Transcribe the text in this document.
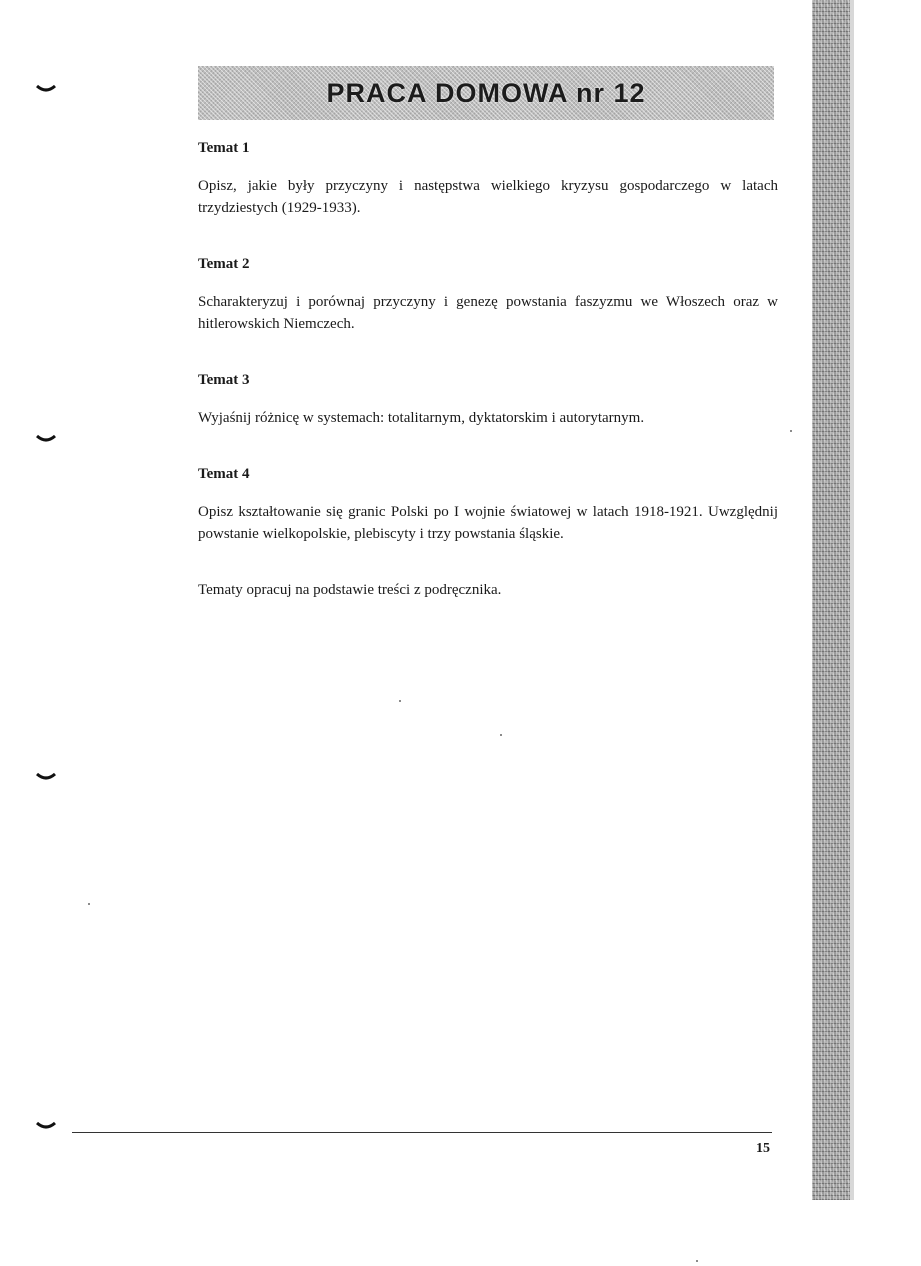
PRACA DOMOWA nr 12

Temat 1

Opisz, jakie były przyczyny i następstwa wielkiego kryzysu gospodarczego w latach trzydziestych (1929-1933).

Temat 2

Scharakteryzuj i porównaj przyczyny i genezę powstania faszyzmu we Włoszech oraz w hitlerowskich Niemczech.

Temat 3

Wyjaśnij różnicę w systemach: totalitarnym, dyktatorskim i autorytarnym.

Temat 4

Opisz kształtowanie się granic Polski po I wojnie światowej w latach 1918-1921. Uwzględnij powstanie wielkopolskie, plebiscyty i trzy powstania śląskie.

Tematy opracuj na podstawie treści z podręcznika.
15
